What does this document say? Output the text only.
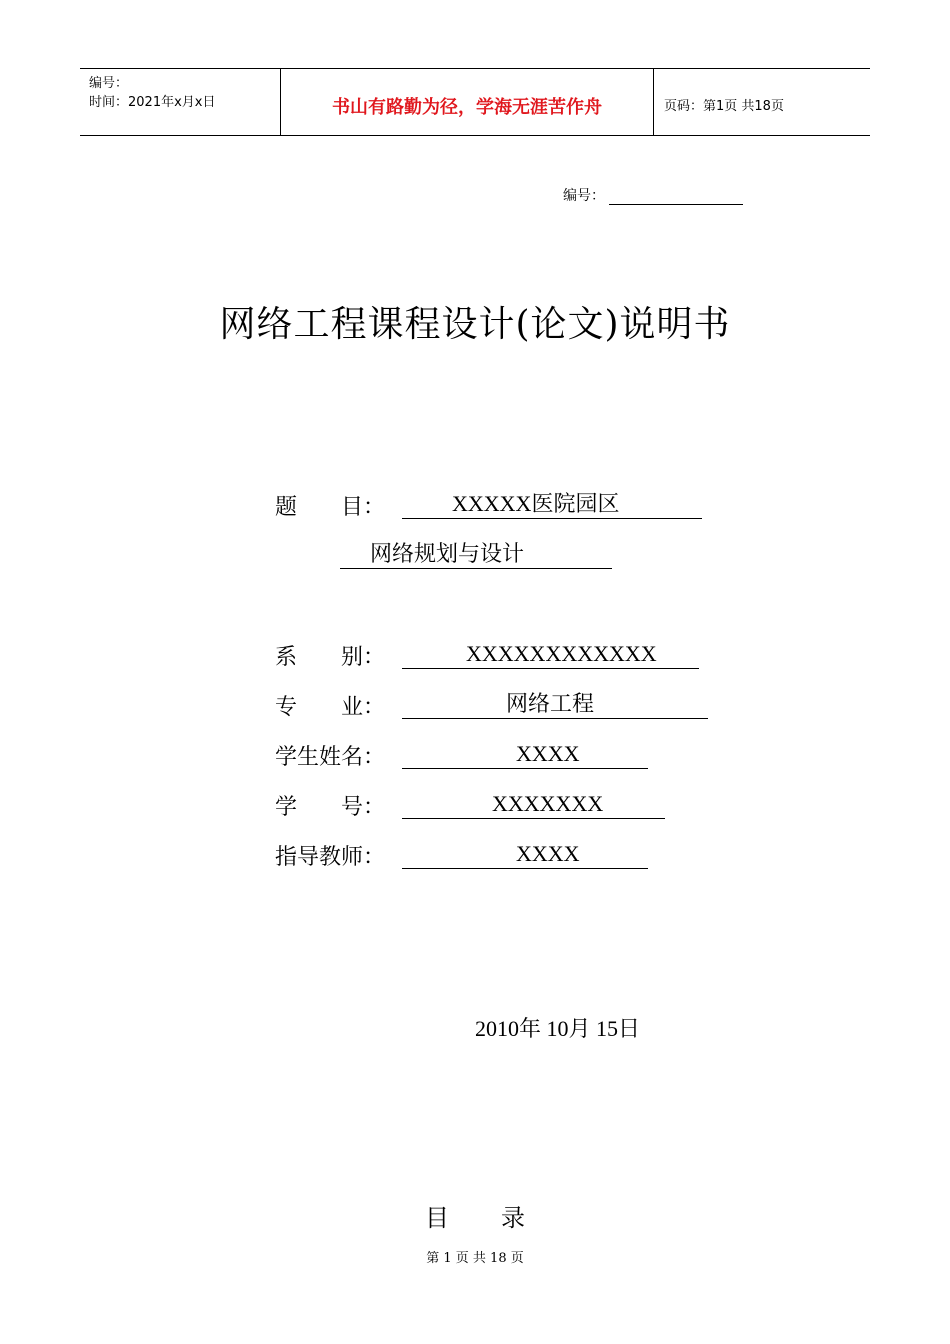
编号：
时间：2021年x月x日	书山有路勤为径，学海无涯苦作舟	页码：第1页 共18页
编号：
网络工程课程设计(论文)说明书
题　　目：	XXXXX医院园区
网络规划与设计
系　　别：	XXXXXXXXXXXX
专　　业：	网络工程
学生姓名：	XXXX
学　　号：	XXXXXXX
指导教师：	XXXX
2010年 10月 15日
目 录
第 1 页 共 18 页
